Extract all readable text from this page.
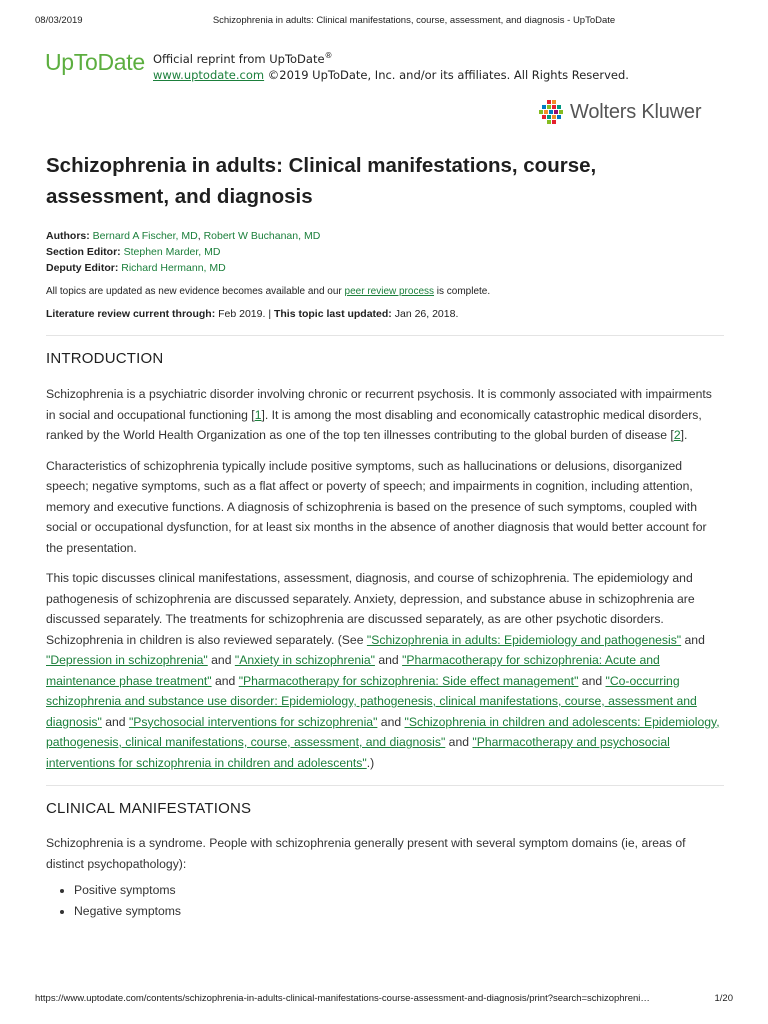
08/03/2019	Schizophrenia in adults: Clinical manifestations, course, assessment, and diagnosis - UpToDate
UpToDate Official reprint from UpToDate®
www.uptodate.com ©2019 UpToDate, Inc. and/or its affiliates. All Rights Reserved.
Wolters Kluwer
Schizophrenia in adults: Clinical manifestations, course, assessment, and diagnosis
Authors: Bernard A Fischer, MD, Robert W Buchanan, MD
Section Editor: Stephen Marder, MD
Deputy Editor: Richard Hermann, MD
All topics are updated as new evidence becomes available and our peer review process is complete.
Literature review current through: Feb 2019. | This topic last updated: Jan 26, 2018.
INTRODUCTION

Schizophrenia is a psychiatric disorder involving chronic or recurrent psychosis. It is commonly associated with impairments in social and occupational functioning [1]. It is among the most disabling and economically catastrophic medical disorders, ranked by the World Health Organization as one of the top ten illnesses contributing to the global burden of disease [2].

Characteristics of schizophrenia typically include positive symptoms, such as hallucinations or delusions, disorganized speech; negative symptoms, such as a flat affect or poverty of speech; and impairments in cognition, including attention, memory and executive functions. A diagnosis of schizophrenia is based on the presence of such symptoms, coupled with social or occupational dysfunction, for at least six months in the absence of another diagnosis that would better account for the presentation.

This topic discusses clinical manifestations, assessment, diagnosis, and course of schizophrenia. The epidemiology and pathogenesis of schizophrenia are discussed separately. Anxiety, depression, and substance abuse in schizophrenia are discussed separately. The treatments for schizophrenia are discussed separately, as are other psychotic disorders. Schizophrenia in children is also reviewed separately. (See "Schizophrenia in adults: Epidemiology and pathogenesis" and "Depression in schizophrenia" and "Anxiety in schizophrenia" and "Pharmacotherapy for schizophrenia: Acute and maintenance phase treatment" and "Pharmacotherapy for schizophrenia: Side effect management" and "Co-occurring schizophrenia and substance use disorder: Epidemiology, pathogenesis, clinical manifestations, course, assessment and diagnosis" and "Psychosocial interventions for schizophrenia" and "Schizophrenia in children and adolescents: Epidemiology, pathogenesis, clinical manifestations, course, assessment, and diagnosis" and "Pharmacotherapy and psychosocial interventions for schizophrenia in children and adolescents".)

CLINICAL MANIFESTATIONS

Schizophrenia is a syndrome. People with schizophrenia generally present with several symptom domains (ie, areas of distinct psychopathology):

• Positive symptoms
• Negative symptoms
https://www.uptodate.com/contents/schizophrenia-in-adults-clinical-manifestations-course-assessment-and-diagnosis/print?search=schizophreni…	1/20
